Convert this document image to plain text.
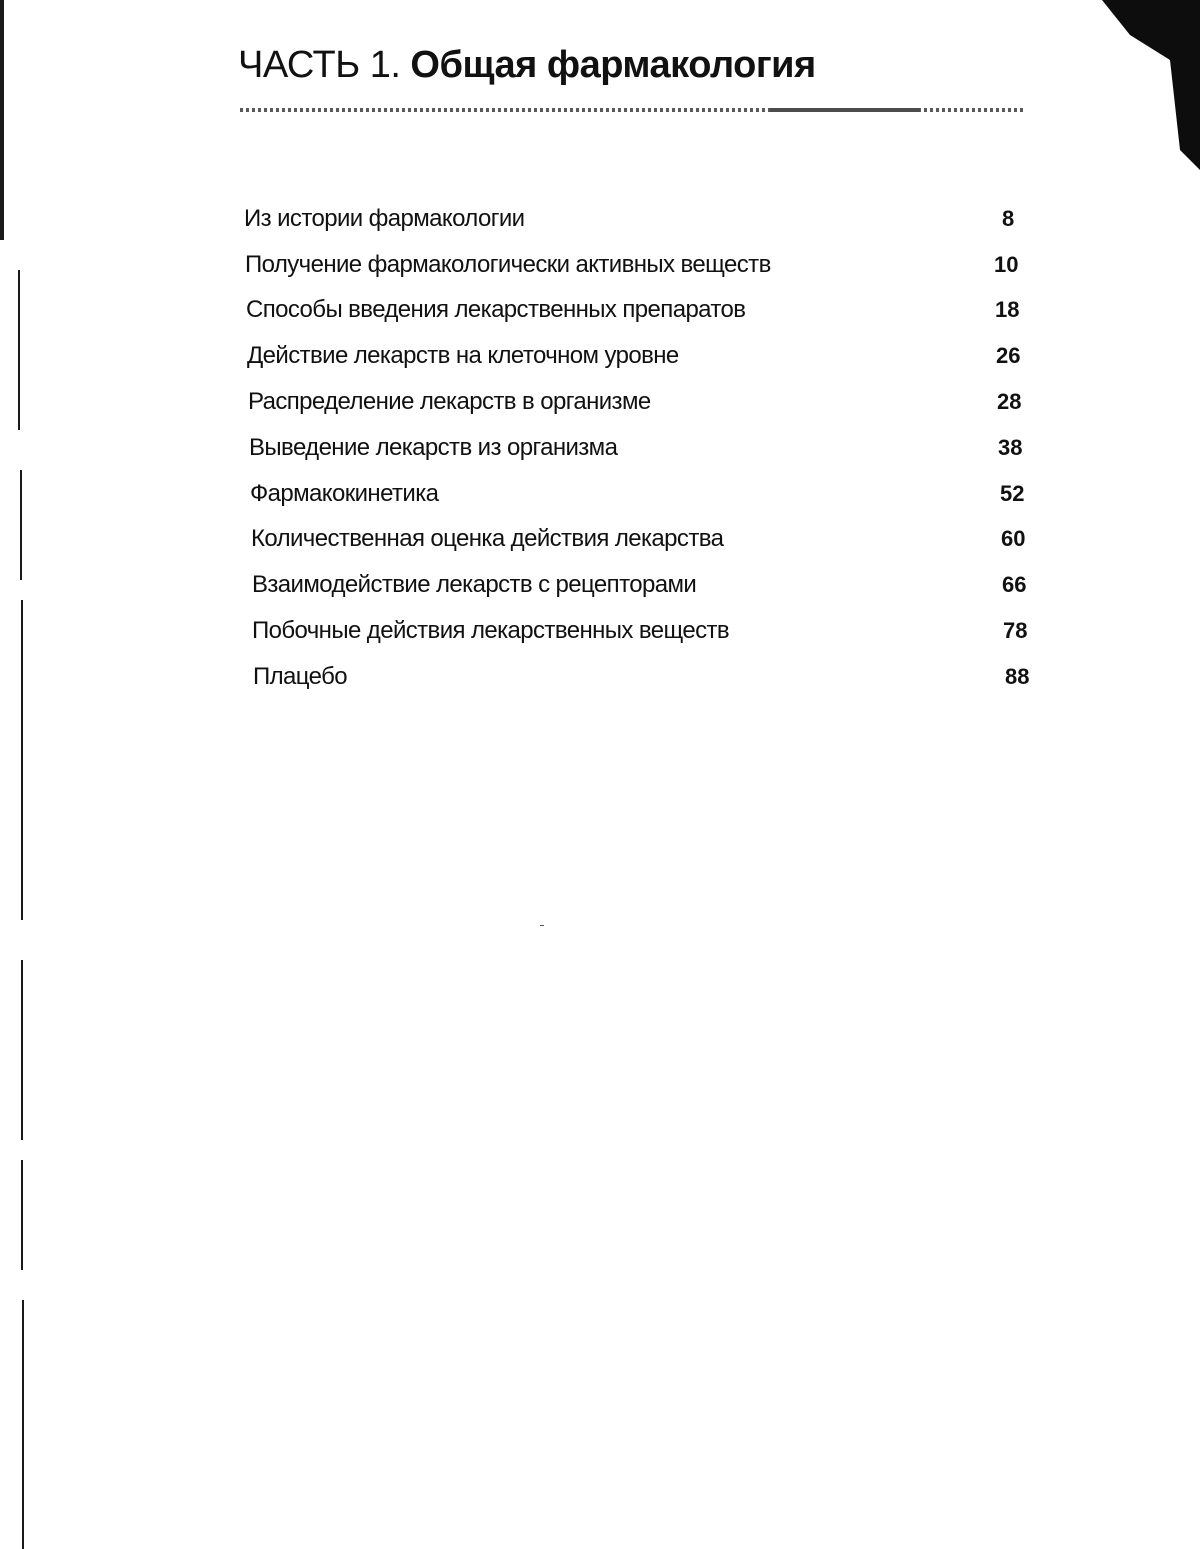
ЧАСТЬ 1. Общая фармакология
Из истории фармакологии	8
Получение фармакологически активных веществ	10
Способы введения лекарственных препаратов	18
Действие лекарств на клеточном уровне	26
Распределение лекарств в организме	28
Выведение лекарств из организма	38
Фармакокинетика	52
Количественная оценка действия лекарства	60
Взаимодействие лекарств с рецепторами	66
Побочные действия лекарственных веществ	78
Плацебо	88
